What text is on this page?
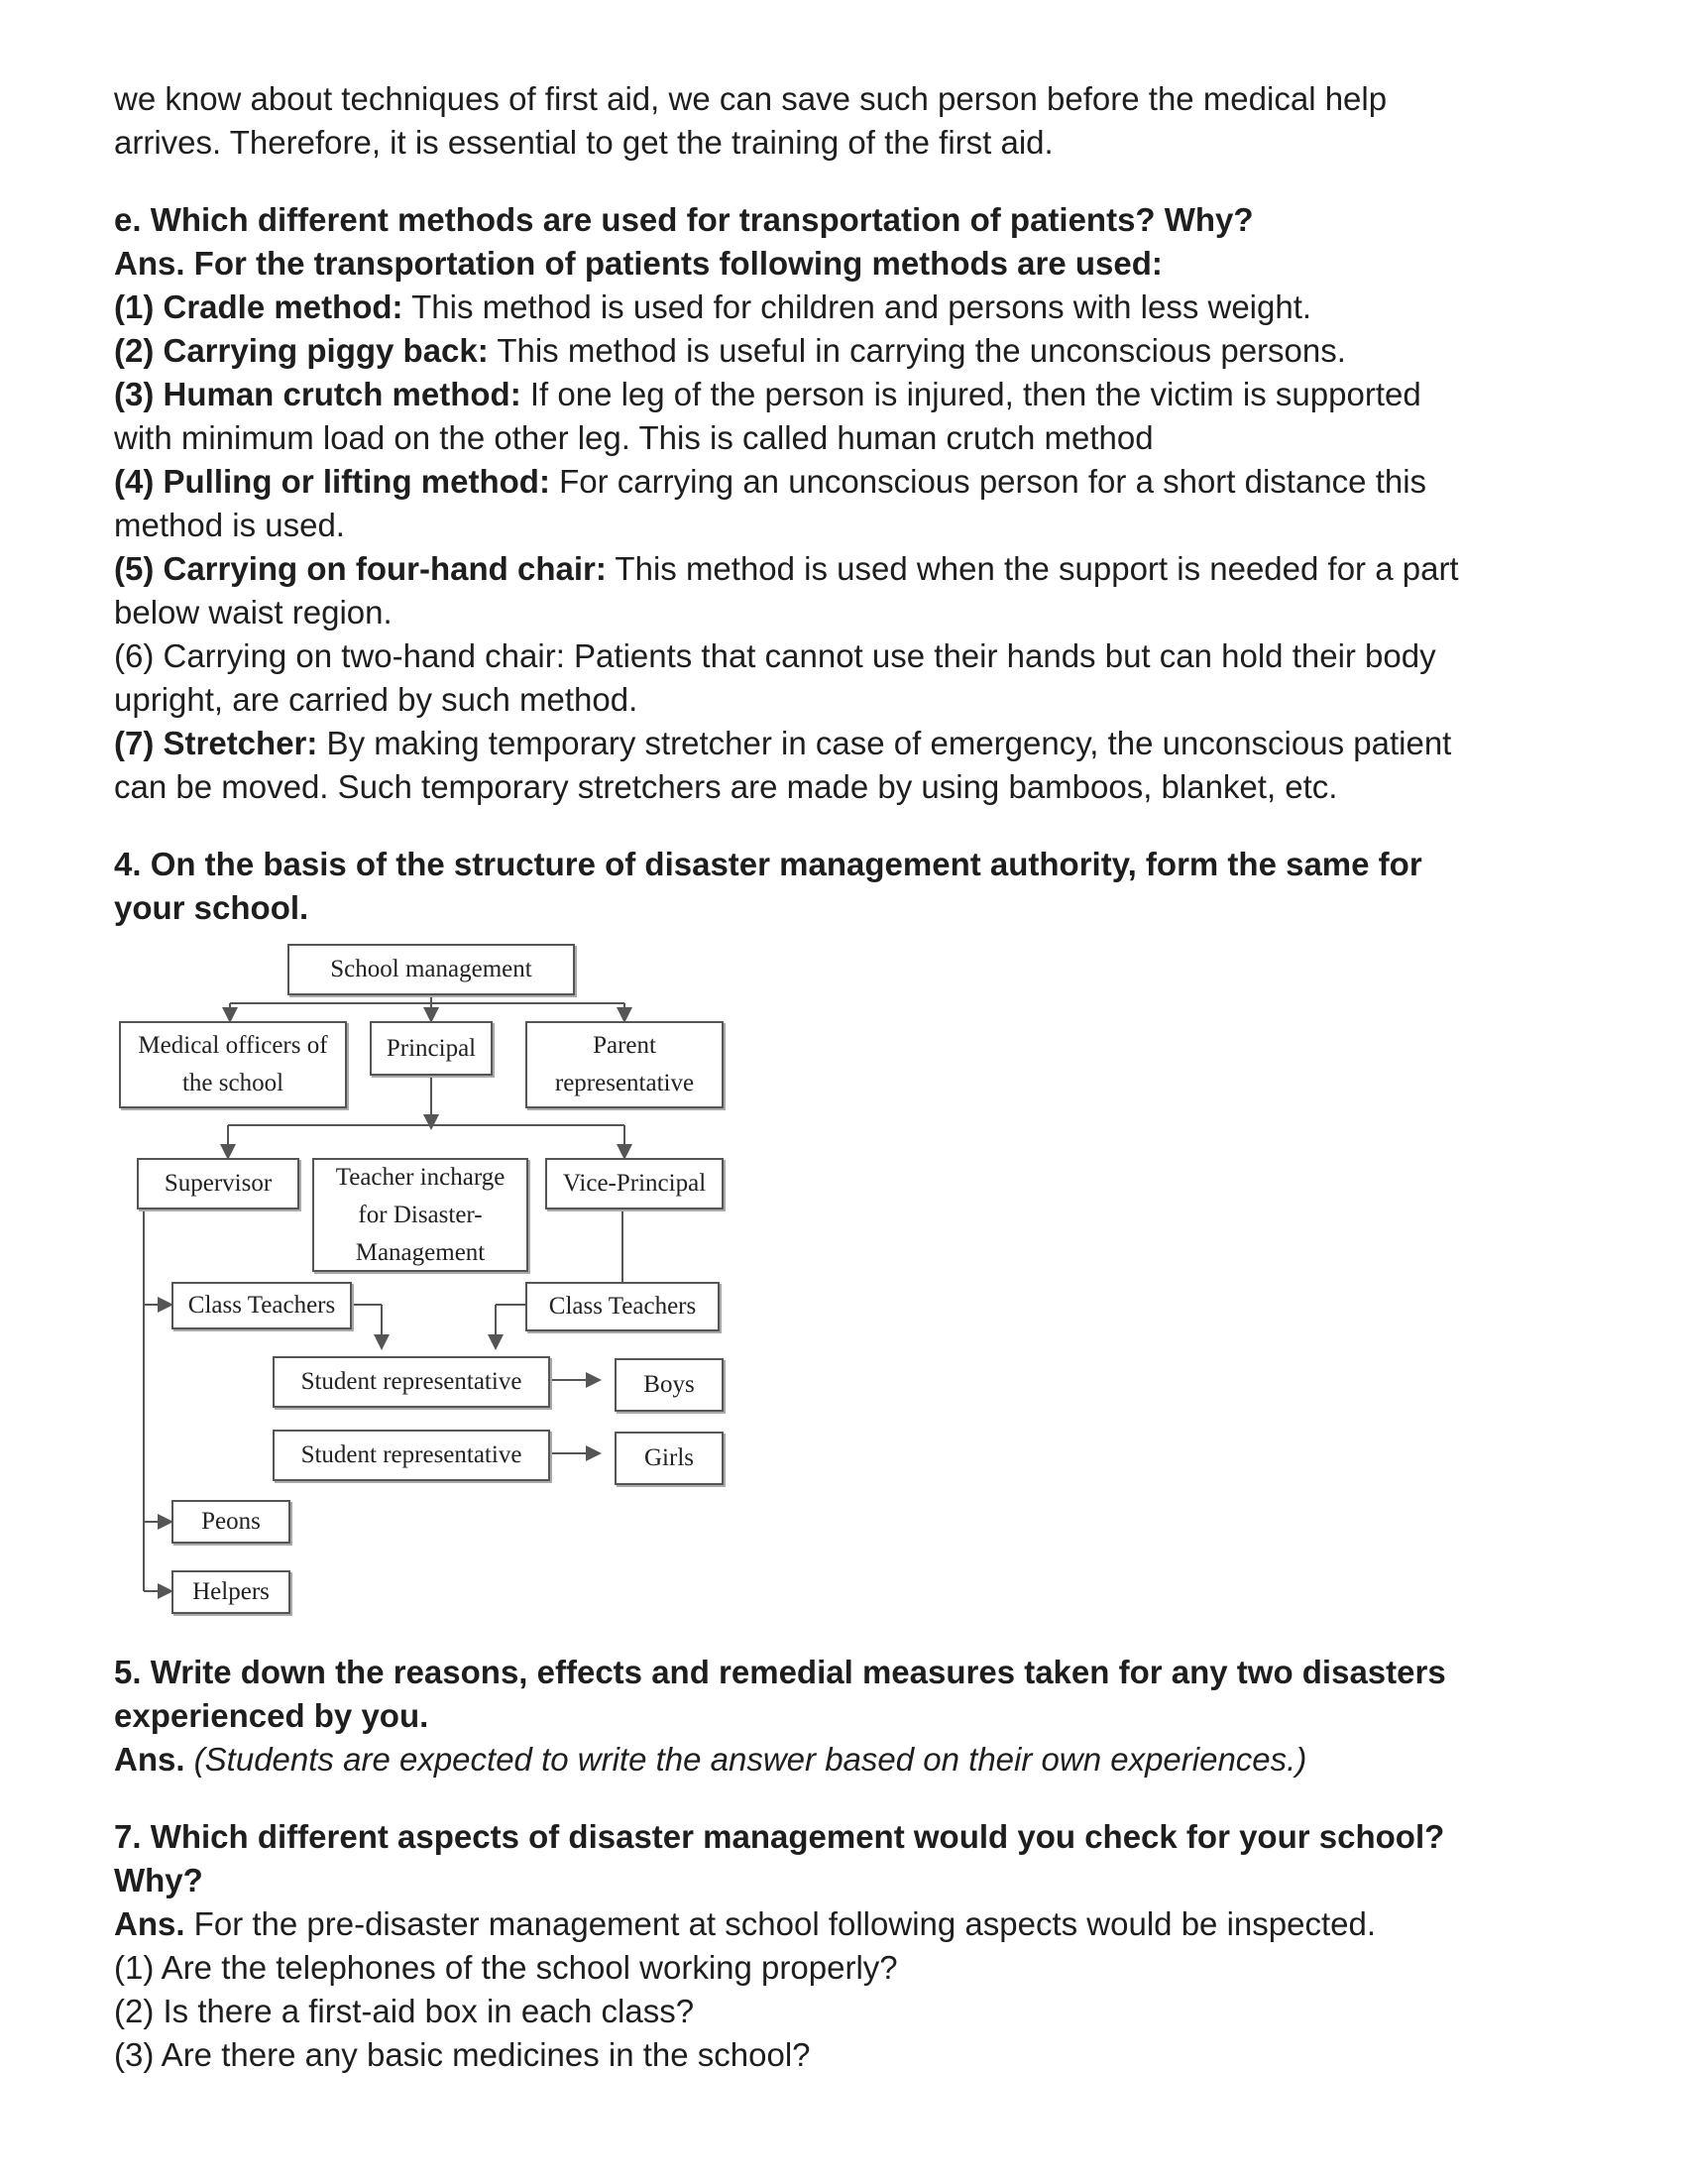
we know about techniques of first aid, we can save such person before the medical help

arrives. Therefore, it is essential to get the training of the first aid.

e. Which different methods are used for transportation of patients? Why?

Ans. For the transportation of patients following methods are used:

(1) Cradle method: This method is used for children and persons with less weight.

(2) Carrying piggy back: This method is useful in carrying the unconscious persons.

(3) Human crutch method: If one leg of the person is injured, then the victim is supported

with minimum load on the other leg. This is called human crutch method

(4) Pulling or lifting method: For carrying an unconscious person for a short distance this

method is used.

(5) Carrying on four-hand chair: This method is used when the support is needed for a part

below waist region.

(6) Carrying on two-hand chair: Patients that cannot use their hands but can hold their body

upright, are carried by such method.

(7) Stretcher: By making temporary stretcher in case of emergency, the unconscious patient

can be moved. Such temporary stretchers are made by using bamboos, blanket, etc.

4. On the basis of the structure of disaster management authority, form the same for

your school.

School management
Medical officers of
the school
Principal	Parent
representative
Supervisor	Teacher incharge
for Disaster-
Management
Vice-Principal
Class Teachers	Class Teachers
Student representative	Boys
Student representative	Girls
Peons
Helpers

5. Write down the reasons, effects and remedial measures taken for any two disasters

experienced by you.

Ans. (Students are expected to write the answer based on their own experiences.)

7. Which different aspects of disaster management would you check for your school?

Why?

Ans. For the pre-disaster management at school following aspects would be inspected.

(1) Are the telephones of the school working properly?

(2) Is there a first-aid box in each class?

(3) Are there any basic medicines in the school?
